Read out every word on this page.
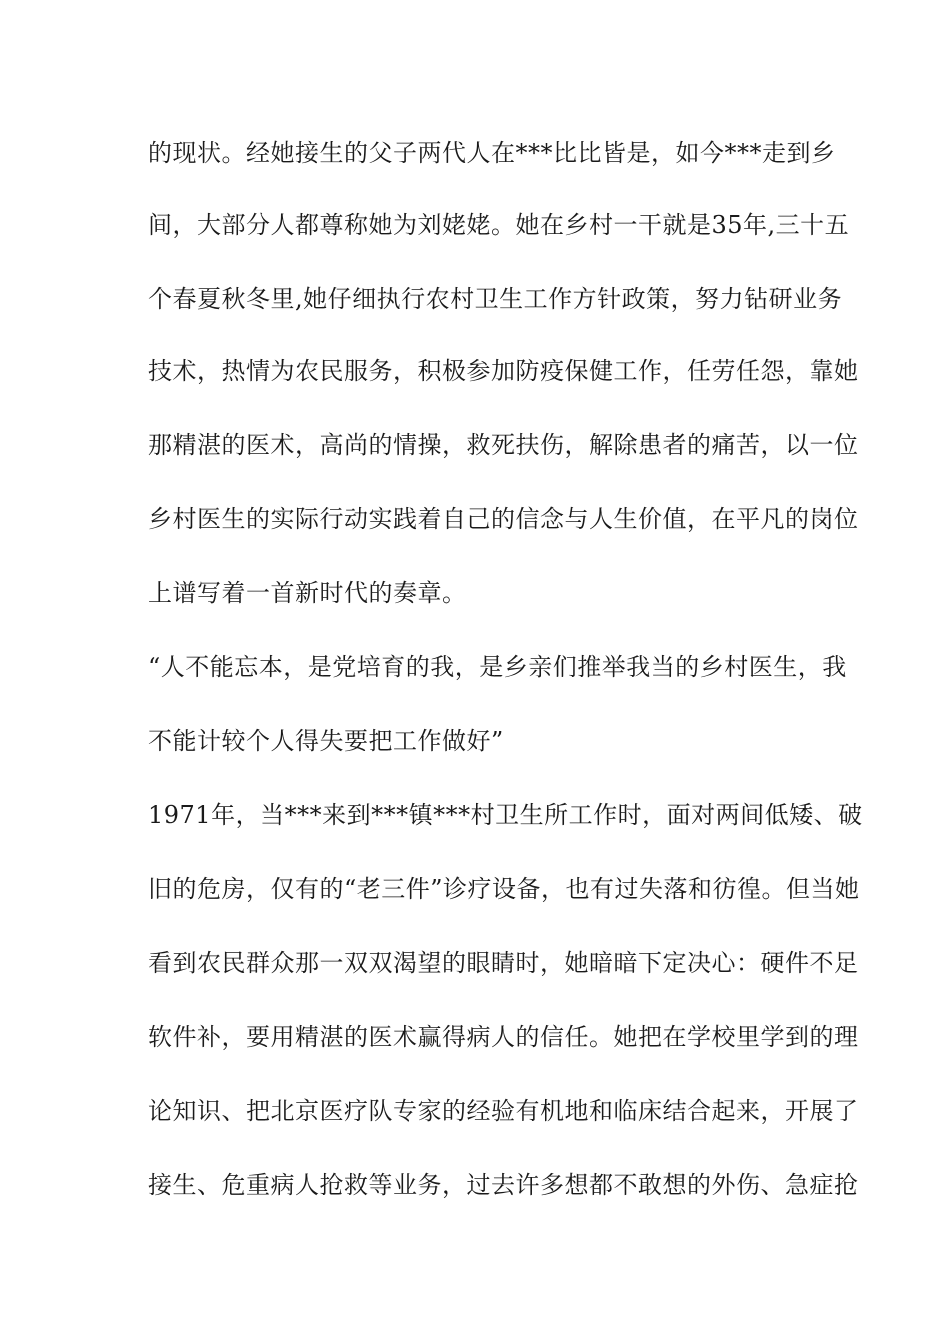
的现状。经她接生的父子两代人在***比比皆是，如今***走到乡
间，大部分人都尊称她为刘姥姥。她在乡村一干就是35年,三十五
个春夏秋冬里,她仔细执行农村卫生工作方针政策，努力钻研业务
技术，热情为农民服务，积极参加防疫保健工作，任劳任怨，靠她
那精湛的医术，高尚的情操，救死扶伤，解除患者的痛苦，以一位
乡村医生的实际行动实践着自己的信念与人生价值，在平凡的岗位
上谱写着一首新时代的奏章。
“人不能忘本，是党培育的我，是乡亲们推举我当的乡村医生，我
不能计较个人得失要把工作做好”
1971年，当***来到***镇***村卫生所工作时，面对两间低矮、破
旧的危房，仅有的“老三件”诊疗设备，也有过失落和彷徨。但当她
看到农民群众那一双双渴望的眼睛时，她暗暗下定决心：硬件不足
软件补，要用精湛的医术赢得病人的信任。她把在学校里学到的理
论知识、把北京医疗队专家的经验有机地和临床结合起来，开展了
接生、危重病人抢救等业务，过去许多想都不敢想的外伤、急症抢
